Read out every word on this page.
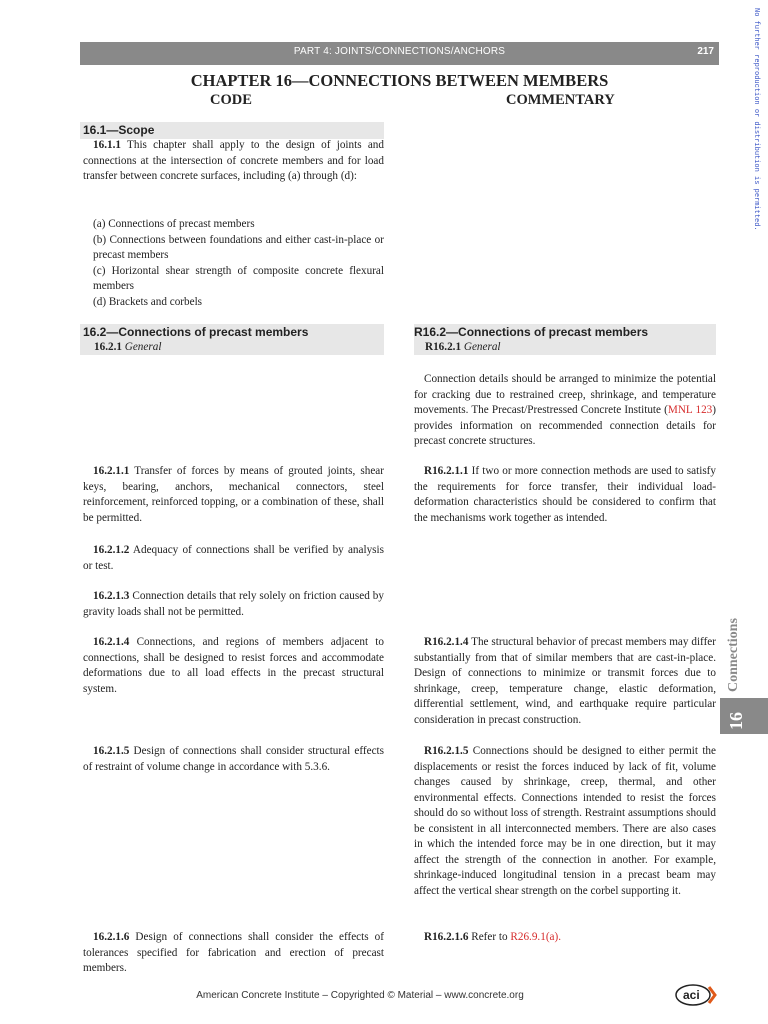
PART 4: JOINTS/CONNECTIONS/ANCHORS	217
CHAPTER 16—CONNECTIONS BETWEEN MEMBERS
CODE	COMMENTARY
16.1—Scope
16.1.1 This chapter shall apply to the design of joints and connections at the intersection of concrete members and for load transfer between concrete surfaces, including (a) through (d):
(a) Connections of precast members
(b) Connections between foundations and either cast-in-place or precast members
(c) Horizontal shear strength of composite concrete flexural members
(d) Brackets and corbels
16.2—Connections of precast members
16.2.1 General
R16.2—Connections of precast members
R16.2.1 General
Connection details should be arranged to minimize the potential for cracking due to restrained creep, shrinkage, and temperature movements. The Precast/Prestressed Concrete Institute (MNL 123) provides information on recommended connection details for precast concrete structures.
16.2.1.1 Transfer of forces by means of grouted joints, shear keys, bearing, anchors, mechanical connectors, steel reinforcement, reinforced topping, or a combination of these, shall be permitted.
16.2.1.2 Adequacy of connections shall be verified by analysis or test.
16.2.1.3 Connection details that rely solely on friction caused by gravity loads shall not be permitted.
16.2.1.4 Connections, and regions of members adjacent to connections, shall be designed to resist forces and accommodate deformations due to all load effects in the precast structural system.
16.2.1.5 Design of connections shall consider structural effects of restraint of volume change in accordance with 5.3.6.
16.2.1.6 Design of connections shall consider the effects of tolerances specified for fabrication and erection of precast members.
R16.2.1.1 If two or more connection methods are used to satisfy the requirements for force transfer, their individual load-deformation characteristics should be considered to confirm that the mechanisms work together as intended.
R16.2.1.4 The structural behavior of precast members may differ substantially from that of similar members that are cast-in-place. Design of connections to minimize or transmit forces due to shrinkage, creep, temperature change, elastic deformation, differential settlement, wind, and earthquake require particular consideration in precast construction.
R16.2.1.5 Connections should be designed to either permit the displacements or resist the forces induced by lack of fit, volume changes caused by shrinkage, creep, thermal, and other environmental effects. Connections intended to resist the forces should do so without loss of strength. Restraint assumptions should be consistent in all interconnected members. There are also cases in which the intended force may be in one direction, but it may affect the strength of the connection in another. For example, shrinkage-induced longitudinal tension in a precast beam may affect the vertical shear strength on the corbel supporting it.
R16.2.1.6 Refer to R26.9.1(a).
16
Connections
No further reproduction or distribution is permitted.
American Concrete Institute – Copyrighted © Material – www.concrete.org	aci
